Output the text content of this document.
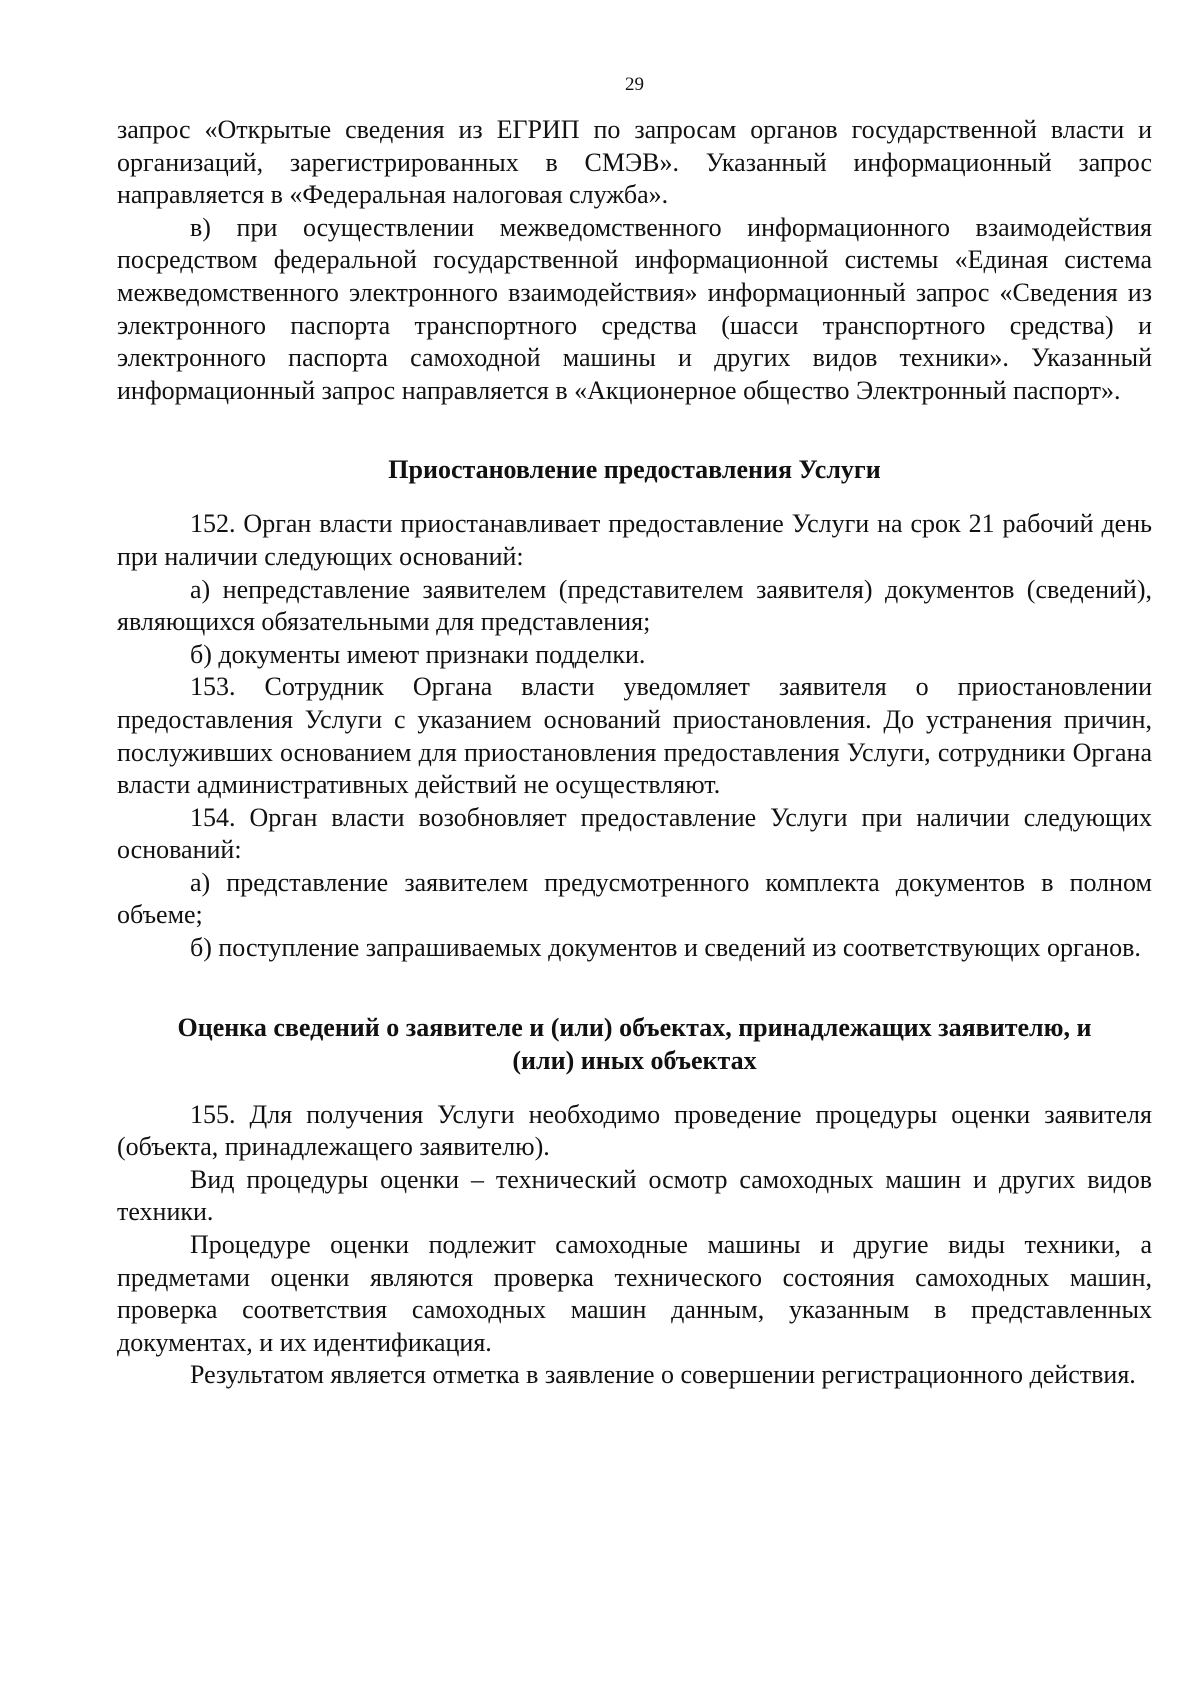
29

запрос «Открытые сведения из ЕГРИП по запросам органов государственной власти и организаций, зарегистрированных в СМЭВ». Указанный информационный запрос направляется в «Федеральная налоговая служба».

в) при осуществлении межведомственного информационного взаимодействия посредством федеральной государственной информационной системы «Единая система межведомственного электронного взаимодействия» информационный запрос «Сведения из электронного паспорта транспортного средства (шасси транспортного средства) и электронного паспорта самоходной машины и других видов техники». Указанный информационный запрос направляется в «Акционерное общество Электронный паспорт».

Приостановление предоставления Услуги

152. Орган власти приостанавливает предоставление Услуги на срок 21 рабочий день при наличии следующих оснований:

а) непредставление заявителем (представителем заявителя) документов (сведений), являющихся обязательными для представления;

б) документы имеют признаки подделки.

153. Сотрудник Органа власти уведомляет заявителя о приостановлении предоставления Услуги с указанием оснований приостановления. До устранения причин, послуживших основанием для приостановления предоставления Услуги, сотрудники Органа власти административных действий не осуществляют.

154. Орган власти возобновляет предоставление Услуги при наличии следующих оснований:

а) представление заявителем предусмотренного комплекта документов в полном объеме;

б) поступление запрашиваемых документов и сведений из соответствующих органов.

Оценка сведений о заявителе и (или) объектах, принадлежащих заявителю, и
(или) иных объектах

155. Для получения Услуги необходимо проведение процедуры оценки заявителя (объекта, принадлежащего заявителю).

Вид процедуры оценки – технический осмотр самоходных машин и других видов техники.

Процедуре оценки подлежит самоходные машины и другие виды техники, а предметами оценки являются проверка технического состояния самоходных машин, проверка соответствия самоходных машин данным, указанным в представленных документах, и их идентификация.

Результатом является отметка в заявление о совершении регистрационного действия.
